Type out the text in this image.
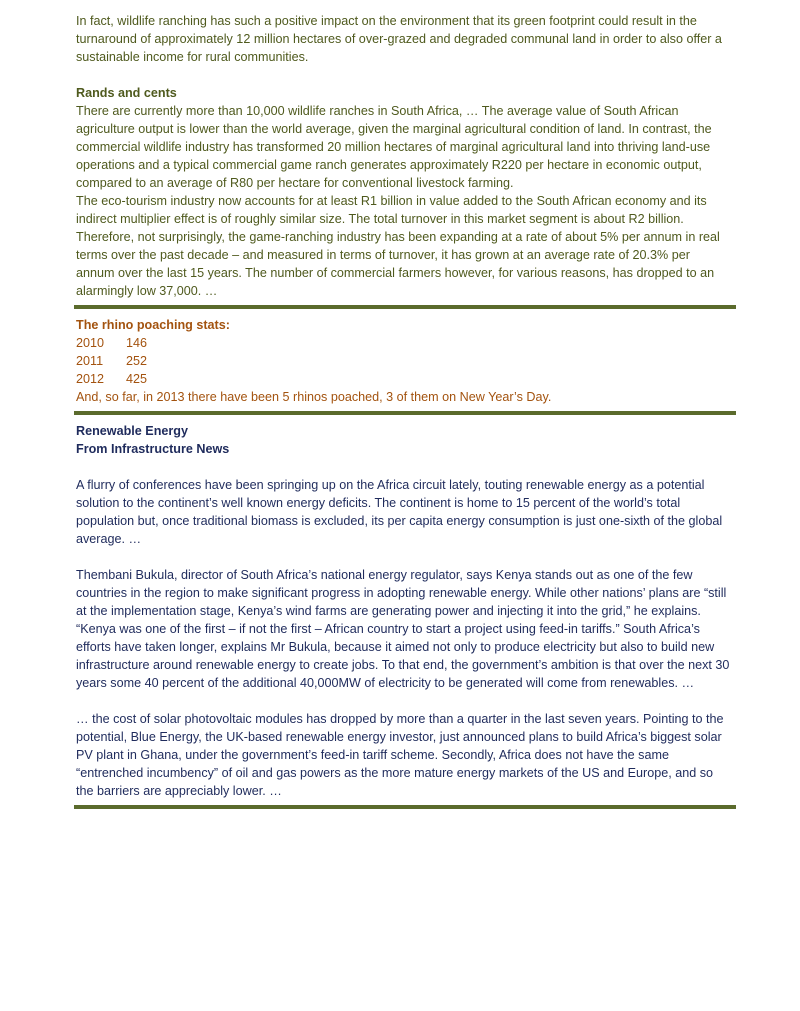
In fact, wildlife ranching has such a positive impact on the environment that its green footprint could result in the turnaround of approximately 12 million hectares of over-grazed and degraded communal land in order to also offer a sustainable income for rural communities.

Rands and cents

There are currently more than 10,000 wildlife ranches in South Africa, … The average value of South African agriculture output is lower than the world average, given the marginal agricultural condition of land. In contrast, the commercial wildlife industry has transformed 20 million hectares of marginal agricultural land into thriving land-use operations and a typical commercial game ranch generates approximately R220 per hectare in economic output, compared to an average of R80 per hectare for conventional livestock farming.

The eco-tourism industry now accounts for at least R1 billion in value added to the South African economy and its indirect multiplier effect is of roughly similar size. The total turnover in this market segment is about R2 billion. Therefore, not surprisingly, the game-ranching industry has been expanding at a rate of about 5% per annum in real terms over the past decade – and measured in terms of turnover, it has grown at an average rate of 20.3% per annum over the last 15 years. The number of commercial farmers however, for various reasons, has dropped to an alarmingly low 37,000. …

The rhino poaching stats:

2010	146
2011	252
2012	425

And, so far, in 2013 there have been 5 rhinos poached, 3 of them on New Year’s Day.

Renewable Energy

From Infrastructure News

A flurry of conferences have been springing up on the Africa circuit lately, touting renewable energy as a potential solution to the continent’s well known energy deficits. The continent is home to 15 percent of the world’s total population but, once traditional biomass is excluded, its per capita energy consumption is just one-sixth of the global average. …

Thembani Bukula, director of South Africa’s national energy regulator, says Kenya stands out as one of the few countries in the region to make significant progress in adopting renewable energy. While other nations’ plans are “still at the implementation stage, Kenya’s wind farms are generating power and injecting it into the grid,” he explains.

“Kenya was one of the first – if not the first – African country to start a project using feed-in tariffs.” South Africa’s efforts have taken longer, explains Mr Bukula, because it aimed not only to produce electricity but also to build new infrastructure around renewable energy to create jobs. To that end, the government’s ambition is that over the next 30 years some 40 percent of the additional 40,000MW of electricity to be generated will come from renewables. …

… the cost of solar photovoltaic modules has dropped by more than a quarter in the last seven years. Pointing to the potential, Blue Energy, the UK-based renewable energy investor, just announced plans to build Africa’s biggest solar PV plant in Ghana, under the government’s feed-in tariff scheme. Secondly, Africa does not have the same “entrenched incumbency” of oil and gas powers as the more mature energy markets of the US and Europe, and so the barriers are appreciably lower. …
